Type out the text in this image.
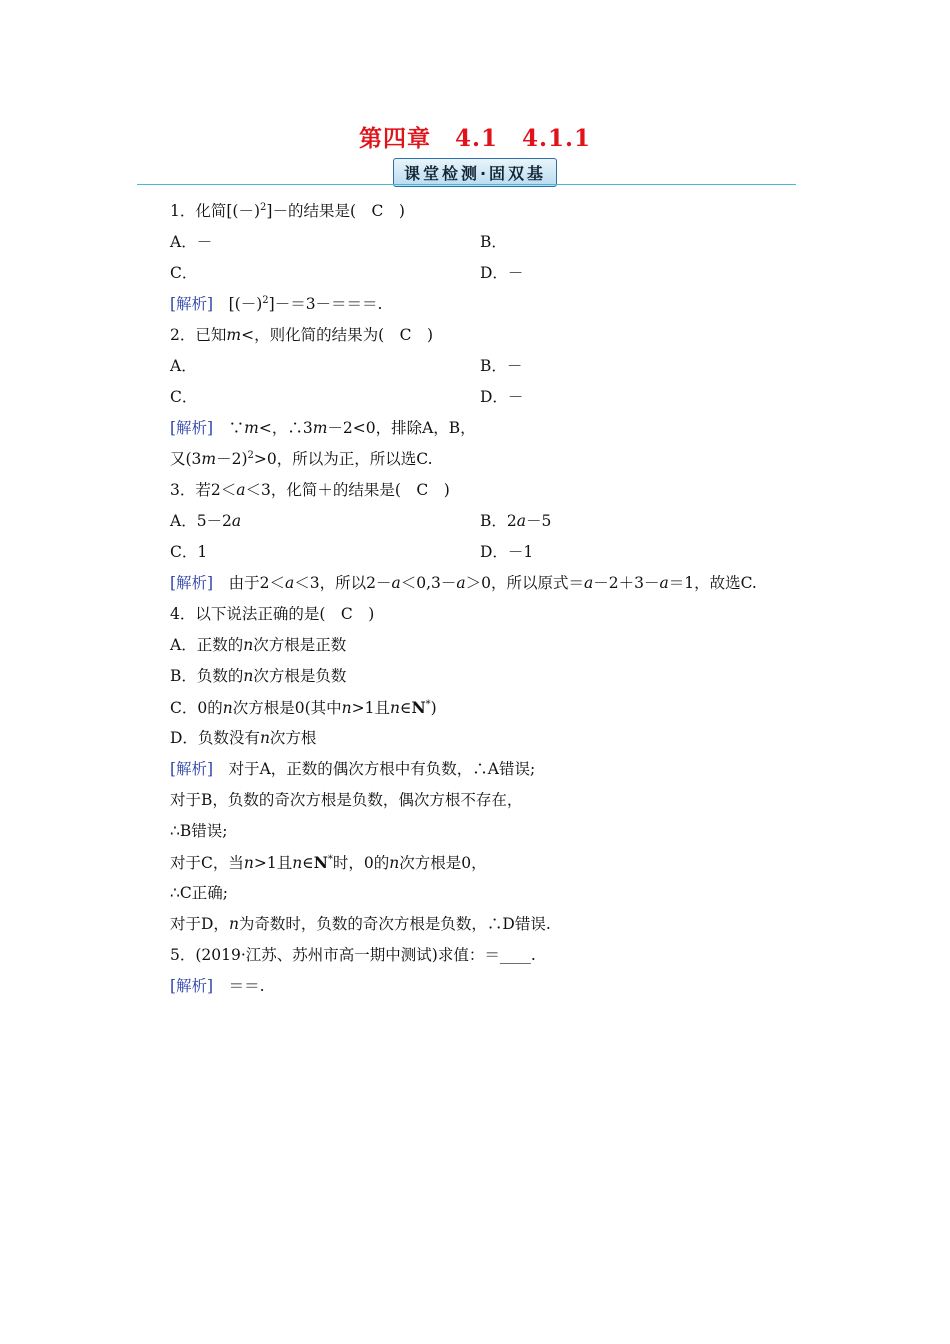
第四章　4.1　4.1.1
课堂检测·固双基
1．化简$[(-)^2]-$的结果是(　C　)
A．－	B．
C．	D．－
[解析]　$[(-)^2]-=3-===$.
2．已知m<，则化简的结果为(　C　)
A．	B．－
C．	D．－
[解析]　∵m<，∴3m－2<0，排除A，B，
又$(3m-2)^2>0$，所以为正，所以选C.
3．若2＜a＜3，化简＋的结果是(　C　)
A．5－2a	B．2a－5
C．1	D．－1
[解析]　由于2＜a＜3，所以2－a＜0,3－a＞0，所以原式＝a－2＋3－a＝1，故选C.
4．以下说法正确的是(　C　)
A．正数的n次方根是正数
B．负数的n次方根是负数
C．0的n次方根是0(其中n>1且n∈N*)
D．负数没有n次方根
[解析]　对于A，正数的偶次方根中有负数，∴A错误;
对于B，负数的奇次方根是负数，偶次方根不存在，
∴B错误;
对于C，当n>1且n∈N*时，0的n次方根是0，
∴C正确;
对于D，n为奇数时，负数的奇次方根是负数，∴D错误.
5．(2019·江苏、苏州市高一期中测试)求值：＝____.
[解析]　＝＝.
